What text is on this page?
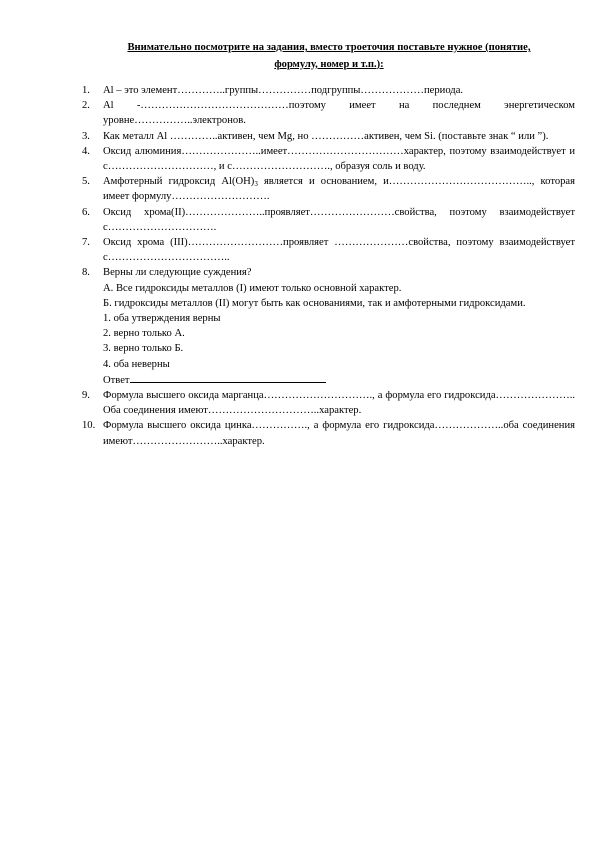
Внимательно посмотрите на задания, вместо троеточия поставьте нужное (понятие,
формулу, номер и т.п.):
1. Al – это элемент…………..группы……………подгруппы………………периода.

2. Al -……………………………………поэтому имеет на последнем энергетическом уровне……………..электронов.

3. Как металл Al …………..активен, чем Mg, но ……………активен, чем Si. (поставьте знак “ или ”).

4. Оксид алюминия…………………..имеет……………………………характер, поэтому взаимодействует и с…………………………, и с………………………., образуя соль и воду.

5. Амфотерный гидроксид $Al(OH)_3$ является и основанием, и………………………………….., которая имеет формулу……………………….

6. Оксид хрома(II)…………………..проявляет……………………свойства, поэтому взаимодействует с………………………….

7. Оксид хрома (III)………………………проявляет …………………свойства, поэтому взаимодействует с……………………………..

8. Верны ли следующие суждения?

А. Все гидроксиды металлов (I) имеют только основной характер.

Б. гидроксиды металлов (II) могут быть как основаниями, так и амфотерными гидроксидами.

1. оба утверждения верны

2. верно только А.

3. верно только Б.

4. оба неверны

Ответ

9. Формула высшего оксида марганца…………………………., а формула его гидроксида………………….. Оба соединения имеют…………………………..характер.

10. Формула высшего оксида цинка……………., а формула его гидроксида………………..оба соединения имеют……………………..характер.
